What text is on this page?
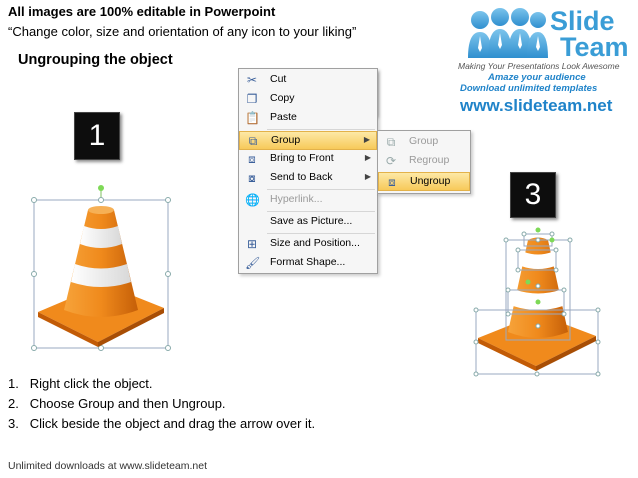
All images are 100% editable in Powerpoint
“Change color, size and orientation of any icon to your liking”
Ungrouping the object
Slide
Team
Making Your Presentations Look Awesome
Amaze your audience
Download unlimited templates
www.slideteam.net
1
✂ Cut
❐ Copy
📋 Paste
⧉ Group	▶
⧈	Bring to Front	▶
⧇	Send to Back	▶
🌐 Hyperlink...
Save as Picture...
⊞ Size and Position...
🖌 Format Shape...
⧉ Group
⟳ Regroup
⧈	Ungroup	3
1.   Right click the object.
2.   Choose Group and then Ungroup.
3.   Click beside the object and drag the arrow over it.
Unlimited downloads at www.slideteam.net
